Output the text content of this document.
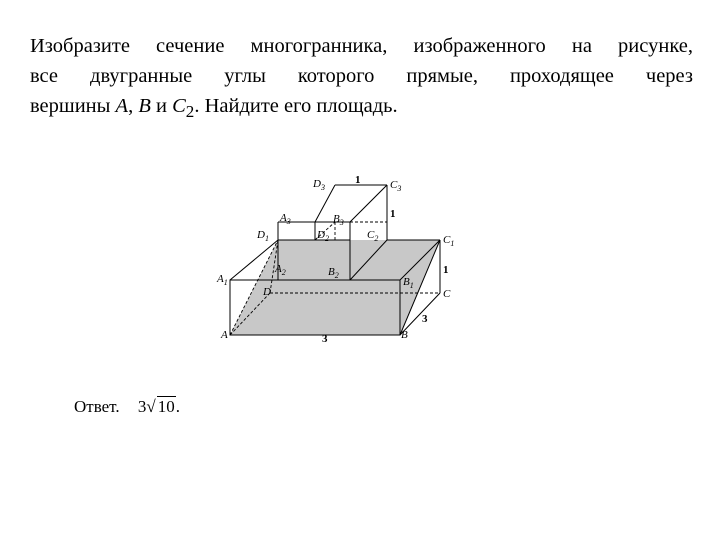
Изобразите сечение многогранника, изображенного на рисунке,
все двугранные углы которого прямые, проходящее через
вершины A, B и $C_2$. Найдите его площадь.
$D_3$	$C_3$
$A_3$	$B_3$
$D_1$	$D_2$	$C_2$	$C_1$
$A_1$
$A_2$	$B_2$
$B_1$
D	C
A	B
1
1
1
3
3
Ответ. 3√ 10.
